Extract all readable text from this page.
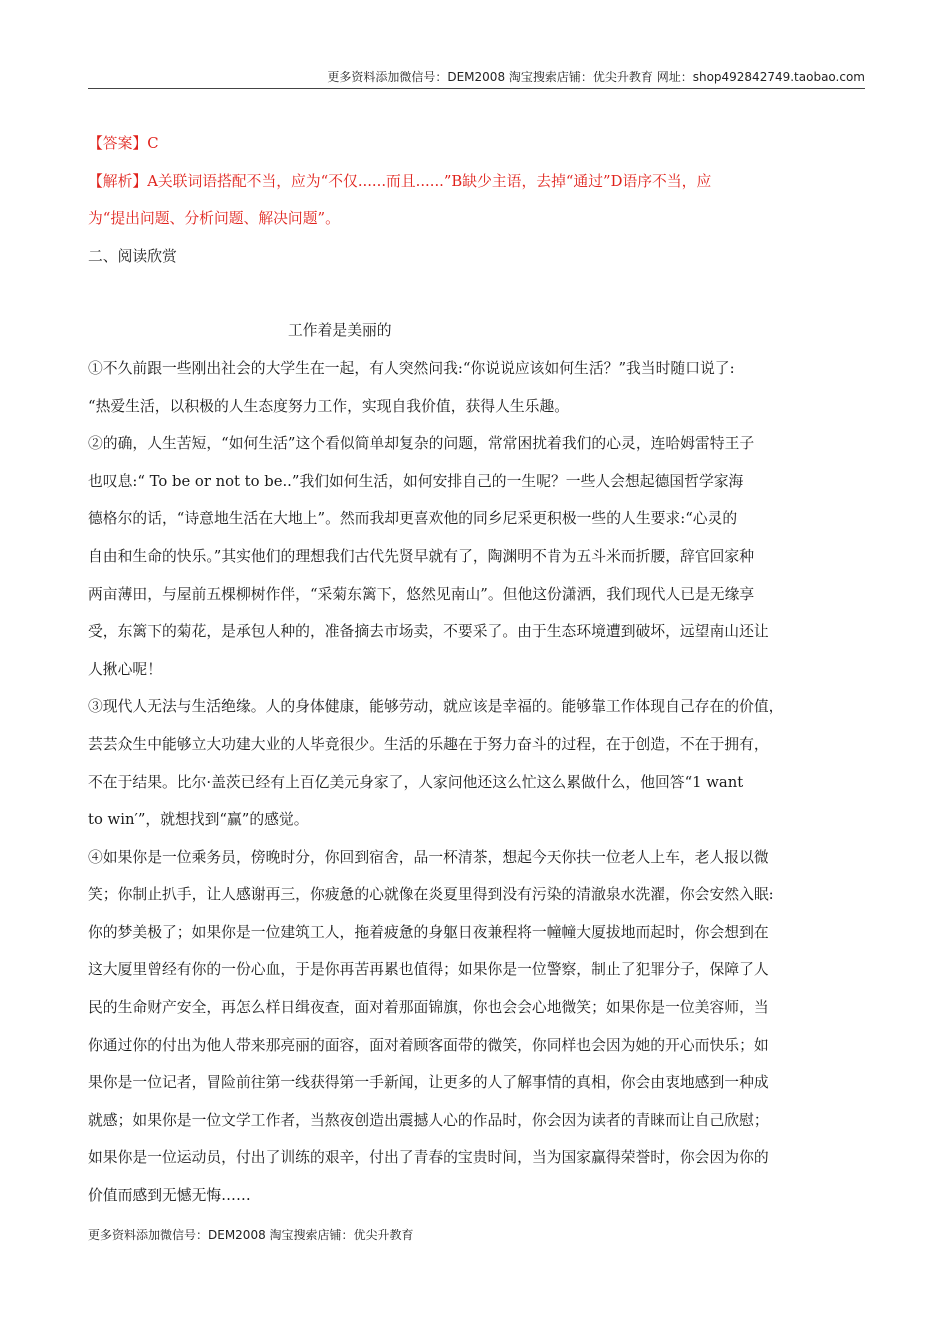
更多资料添加微信号：DEM2008 淘宝搜索店铺：优尖升教育 网址：shop492842749.taobao.com
【答案】C
【解析】A关联词语搭配不当，应为“不仅......而且......”B缺少主语，去掉“通过”D语序不当，应
为“提出问题、分析问题、解决问题”。
二、阅读欣赏
工作着是美丽的
①不久前跟一些刚出社会的大学生在一起，有人突然问我:“你说说应该如何生活？”我当时随口说了:
“热爱生活，以积极的人生态度努力工作，实现自我价值，获得人生乐趣。
②的确，人生苦短，“如何生活”这个看似简单却复杂的问题，常常困扰着我们的心灵，连哈姆雷特王子
也叹息:“ To be or not to be..”我们如何生活，如何安排自己的一生呢？一些人会想起德国哲学家海
德格尔的话，“诗意地生活在大地上”。然而我却更喜欢他的同乡尼采更积极一些的人生要求:“心灵的
自由和生命的快乐。”其实他们的理想我们古代先贤早就有了，陶渊明不肯为五斗米而折腰，辞官回家种
两亩薄田，与屋前五棵柳树作伴，“采菊东篱下，悠然见南山”。但他这份潇洒，我们现代人已是无缘享
受，东篱下的菊花，是承包人种的，准备摘去市场卖，不要采了。由于生态环境遭到破坏，远望南山还让
人揪心呢！
③现代人无法与生活绝缘。人的身体健康，能够劳动，就应该是幸福的。能够靠工作体现自己存在的价值，
芸芸众生中能够立大功建大业的人毕竟很少。生活的乐趣在于努力奋斗的过程，在于创造，不在于拥有，
不在于结果。比尔·盖茨已经有上百亿美元身家了，人家问他还这么忙这么累做什么，他回答“1 want
to win′”，就想找到“赢”的感觉。
④如果你是一位乘务员，傍晚时分，你回到宿舍，品一杯清茶，想起今天你扶一位老人上车，老人报以微
笑；你制止扒手，让人感谢再三，你疲惫的心就像在炎夏里得到没有污染的清澈泉水洗濯，你会安然入眠:
你的梦美极了；如果你是一位建筑工人，拖着疲惫的身躯日夜兼程将一幢幢大厦拔地而起时，你会想到在
这大厦里曾经有你的一份心血，于是你再苦再累也值得；如果你是一位警察，制止了犯罪分子，保障了人
民的生命财产安全，再怎么样日缉夜查，面对着那面锦旗，你也会会心地微笑；如果你是一位美容师，当
你通过你的付出为他人带来那亮丽的面容，面对着顾客面带的微笑，你同样也会因为她的开心而快乐；如
果你是一位记者，冒险前往第一线获得第一手新闻，让更多的人了解事情的真相，你会由衷地感到一种成
就感；如果你是一位文学工作者，当熬夜创造出震撼人心的作品时，你会因为读者的青睐而让自己欣慰；
如果你是一位运动员，付出了训练的艰辛，付出了青春的宝贵时间，当为国家赢得荣誉时，你会因为你的
价值而感到无憾无悔……
更多资料添加微信号：DEM2008 淘宝搜索店铺：优尖升教育
